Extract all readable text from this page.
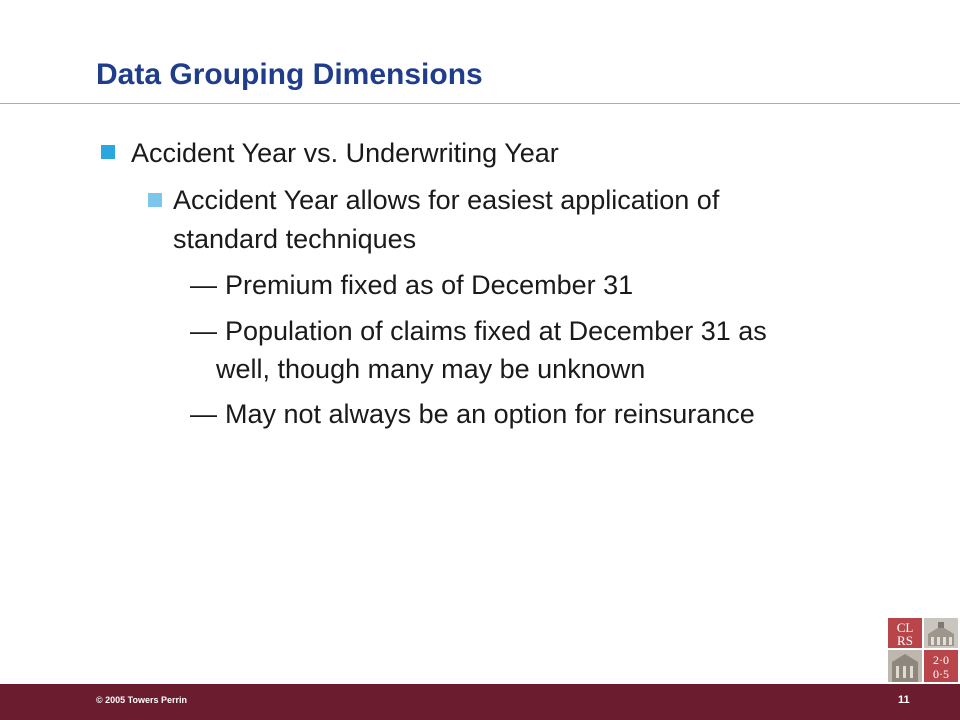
Data Grouping Dimensions
Accident Year vs. Underwriting Year
Accident Year allows for easiest application of
standard techniques
— Premium fixed as of December 31
— Population of claims fixed at December 31 as
well, though many may be unknown
— May not always be an option for reinsurance
CL
RS
2·0
0·5
© 2005 Towers Perrin	11
